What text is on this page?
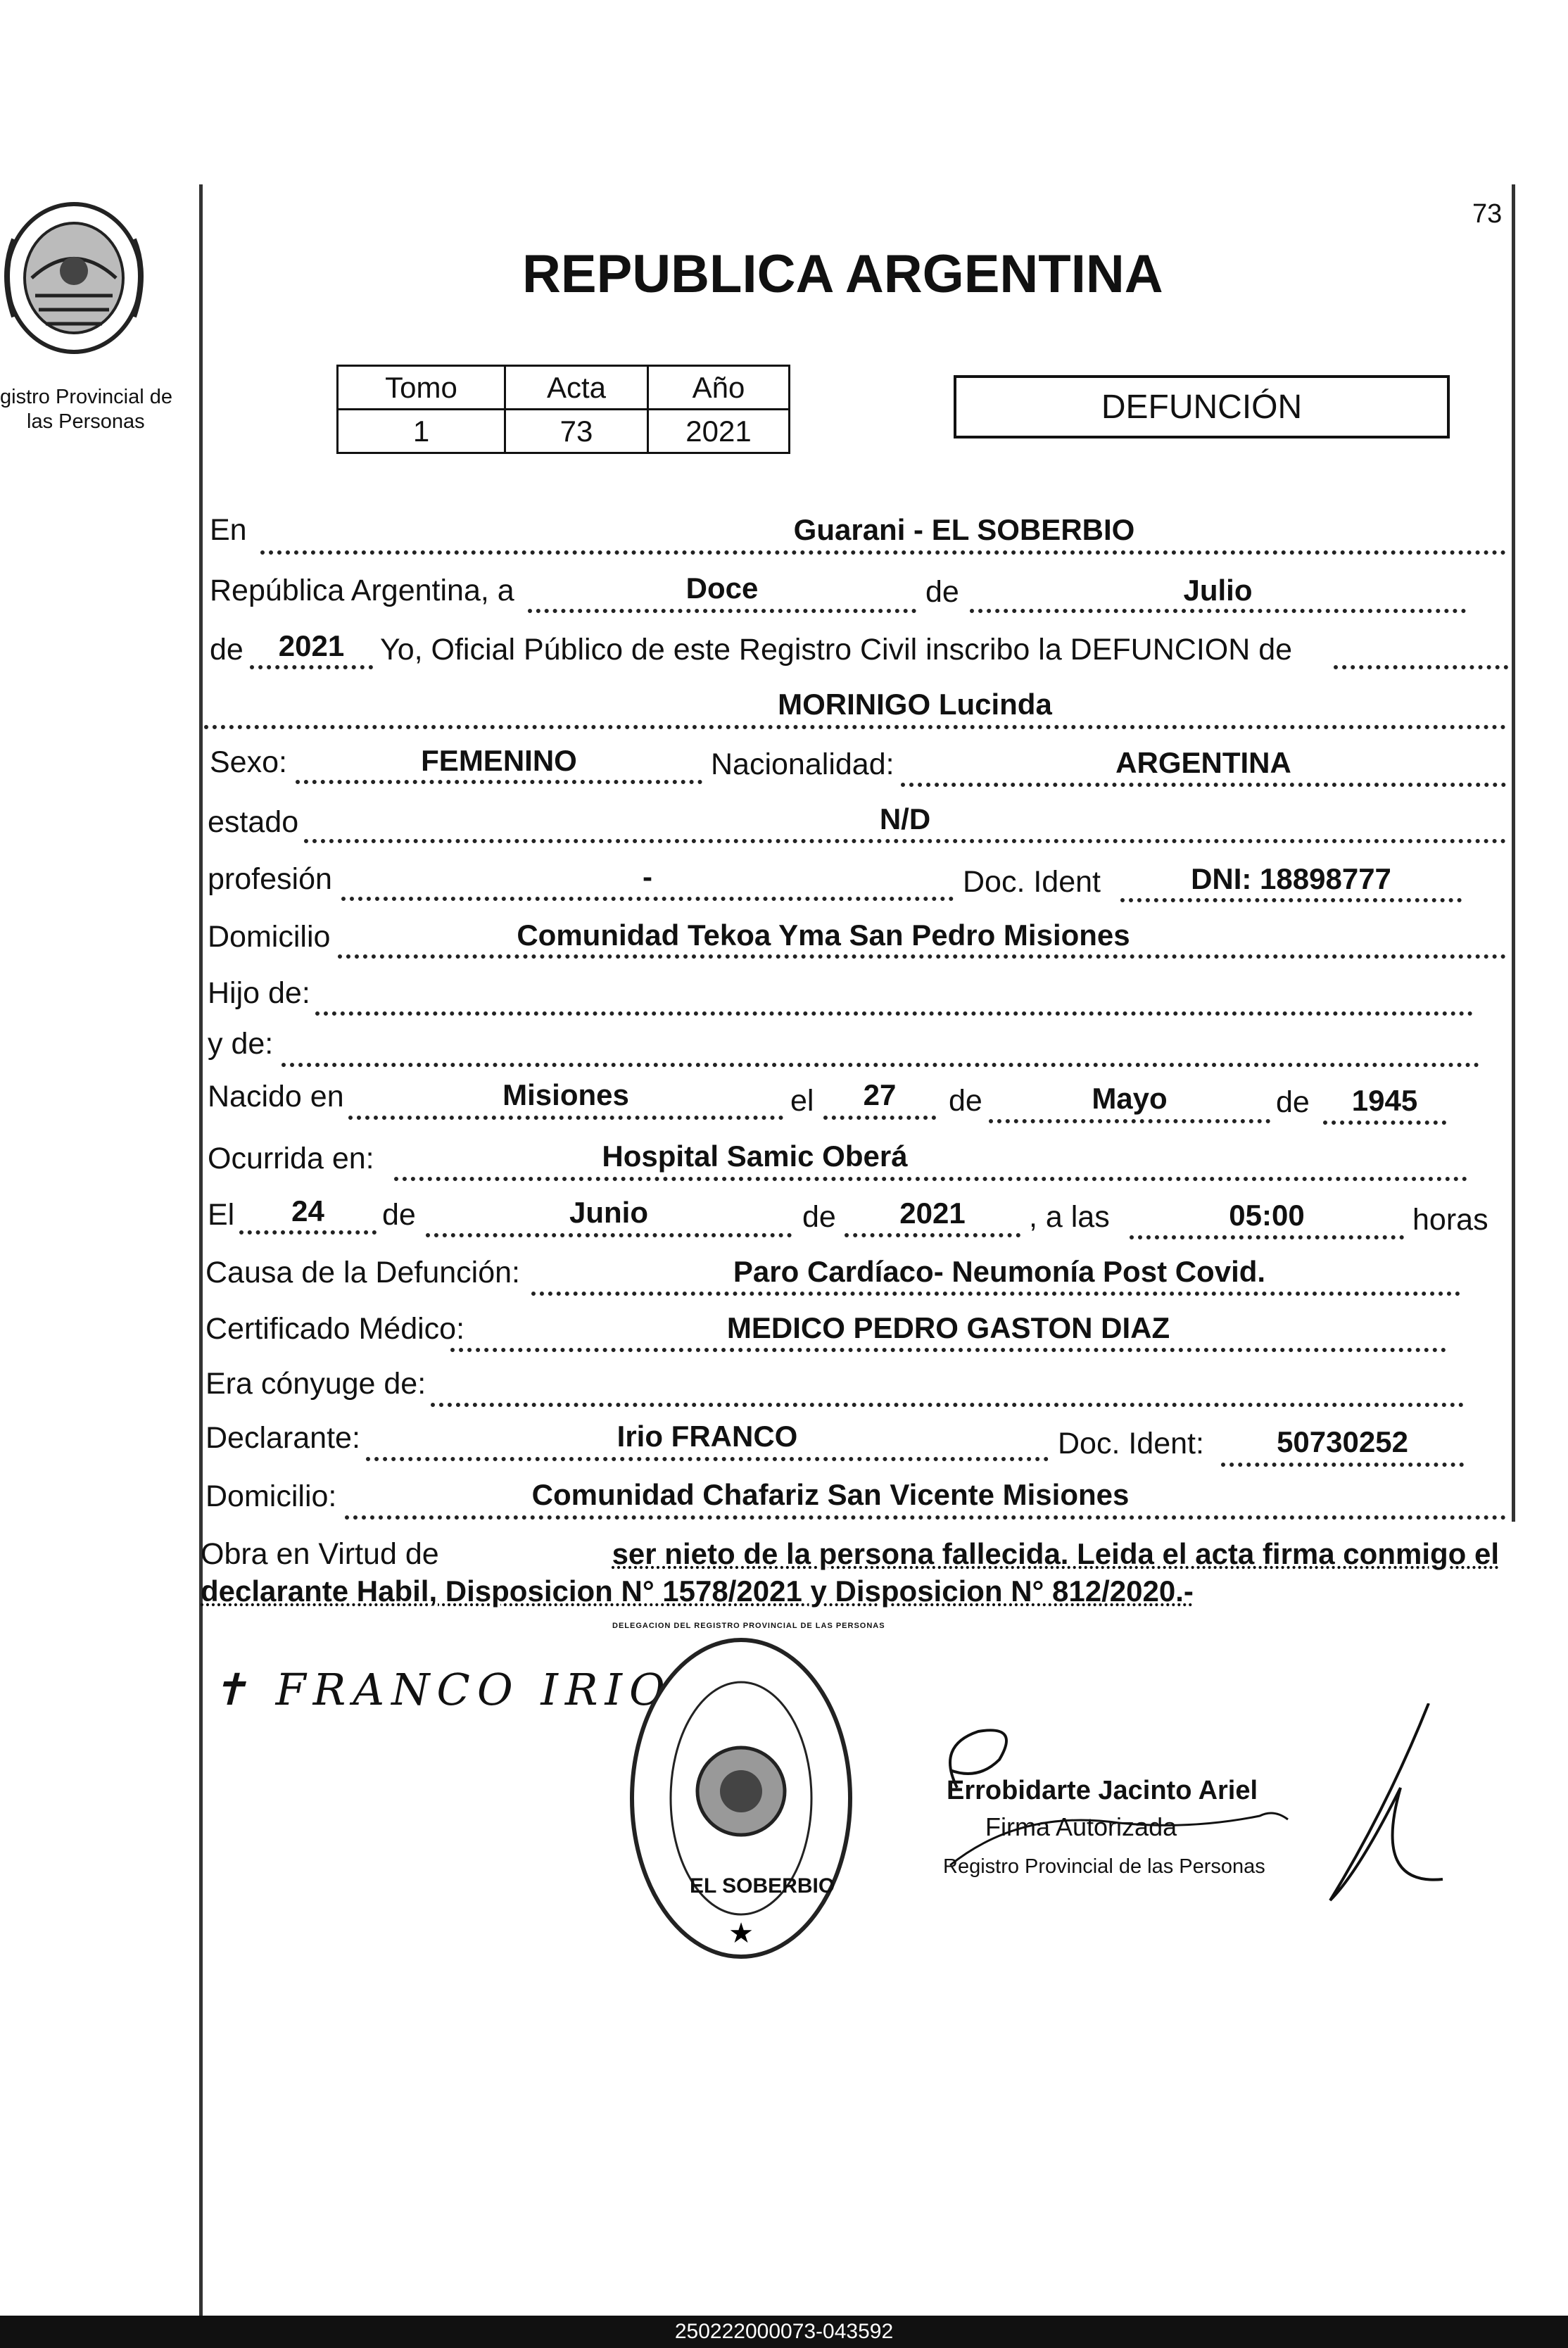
gistro Provincial de
las Personas
73
REPUBLICA ARGENTINA
Tomo	Acta	Año
1	73	2021
DEFUNCIÓN
En	Guarani - EL SOBERBIO
República Argentina, a	Doce	de	Julio
de	2021	Yo, Oficial Público de este Registro Civil inscribo la DEFUNCION de
MORINIGO Lucinda
Sexo:	FEMENINO	Nacionalidad:	ARGENTINA
estado	N/D
profesión	-	Doc. Ident	DNI: 18898777
Domicilio	Comunidad Tekoa Yma San Pedro Misiones
Hijo de:
y de:
Nacido en	Misiones	el	27	de	Mayo	de	1945
Ocurrida en:	Hospital Samic Oberá
El	24	de	Junio	de	2021	, a las	05:00	horas
Causa de la Defunción:	Paro Cardíaco- Neumonía Post Covid.
Certificado Médico:	MEDICO PEDRO GASTON DIAZ
Era cónyuge de:
Declarante:	Irio FRANCO	Doc. Ident:	50730252
Domicilio:	Comunidad Chafariz San Vicente Misiones
Obra en Virtud de	ser nieto de la persona fallecida. Leida el acta firma conmigo el
declarante Habil, Disposicion N° 1578/2021 y Disposicion N° 812/2020.-
✝ FRANCO IRIO
★
DELEGACION DEL REGISTRO PROVINCIAL DE LAS PERSONAS
EL SOBERBIO
Errobidarte Jacinto Ariel
Firma Autorizada
Registro Provincial de las Personas
250222000073-043592
